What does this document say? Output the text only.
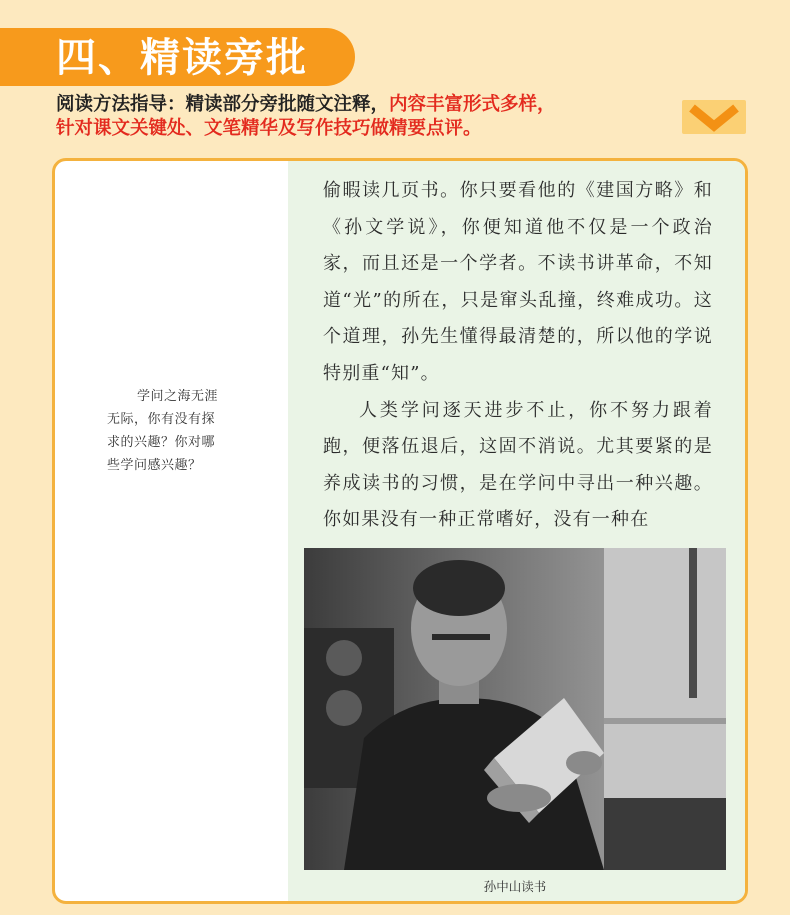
四、精读旁批
阅读方法指导：精读部分旁批随文注释，内容丰富形式多样，
针对课文关键处、文笔精华及写作技巧做精要点评。
学问之海无涯
无际，你有没有探
求的兴趣？你对哪
些学问感兴趣？

偷暇读几页书。你只要看他的《建国方略》和《孙文学说》，你便知道他不仅是一个政治家，而且还是一个学者。不读书讲革命，不知道“光”的所在，只是窜头乱撞，终难成功。这个道理，孙先生懂得最清楚的，所以他的学说特别重“知”。

人类学问逐天进步不止，你不努力跟着跑，便落伍退后，这固不消说。尤其要紧的是养成读书的习惯，是在学问中寻出一种兴趣。你如果没有一种正常嗜好，没有一种在

孙中山读书
